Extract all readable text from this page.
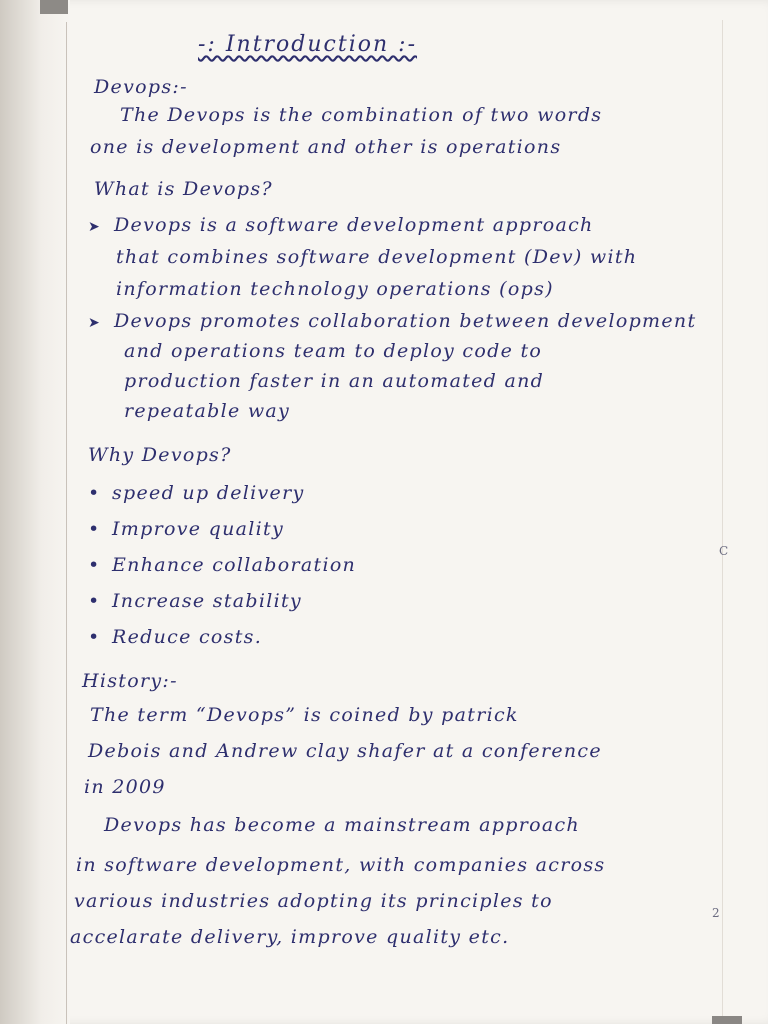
-: Introduction :-
Devops:-
The Devops is the combination of two words
one is development and other is operations
What is Devops?
➤ Devops is a software development approach
that combines software development (Dev) with
information technology operations (ops)
➤ Devops promotes collaboration between development
and operations team to deploy code to
production faster in an automated and
repeatable way
Why Devops?
• speed up delivery
• Improve quality
• Enhance collaboration
• Increase stability
• Reduce costs.
History:-
The term “Devops” is coined by patrick
Debois and Andrew clay shafer at a conference
in 2009
Devops has become a mainstream approach
in software development, with companies across
various industries adopting its principles to
accelarate delivery, improve quality etc.
C
2
